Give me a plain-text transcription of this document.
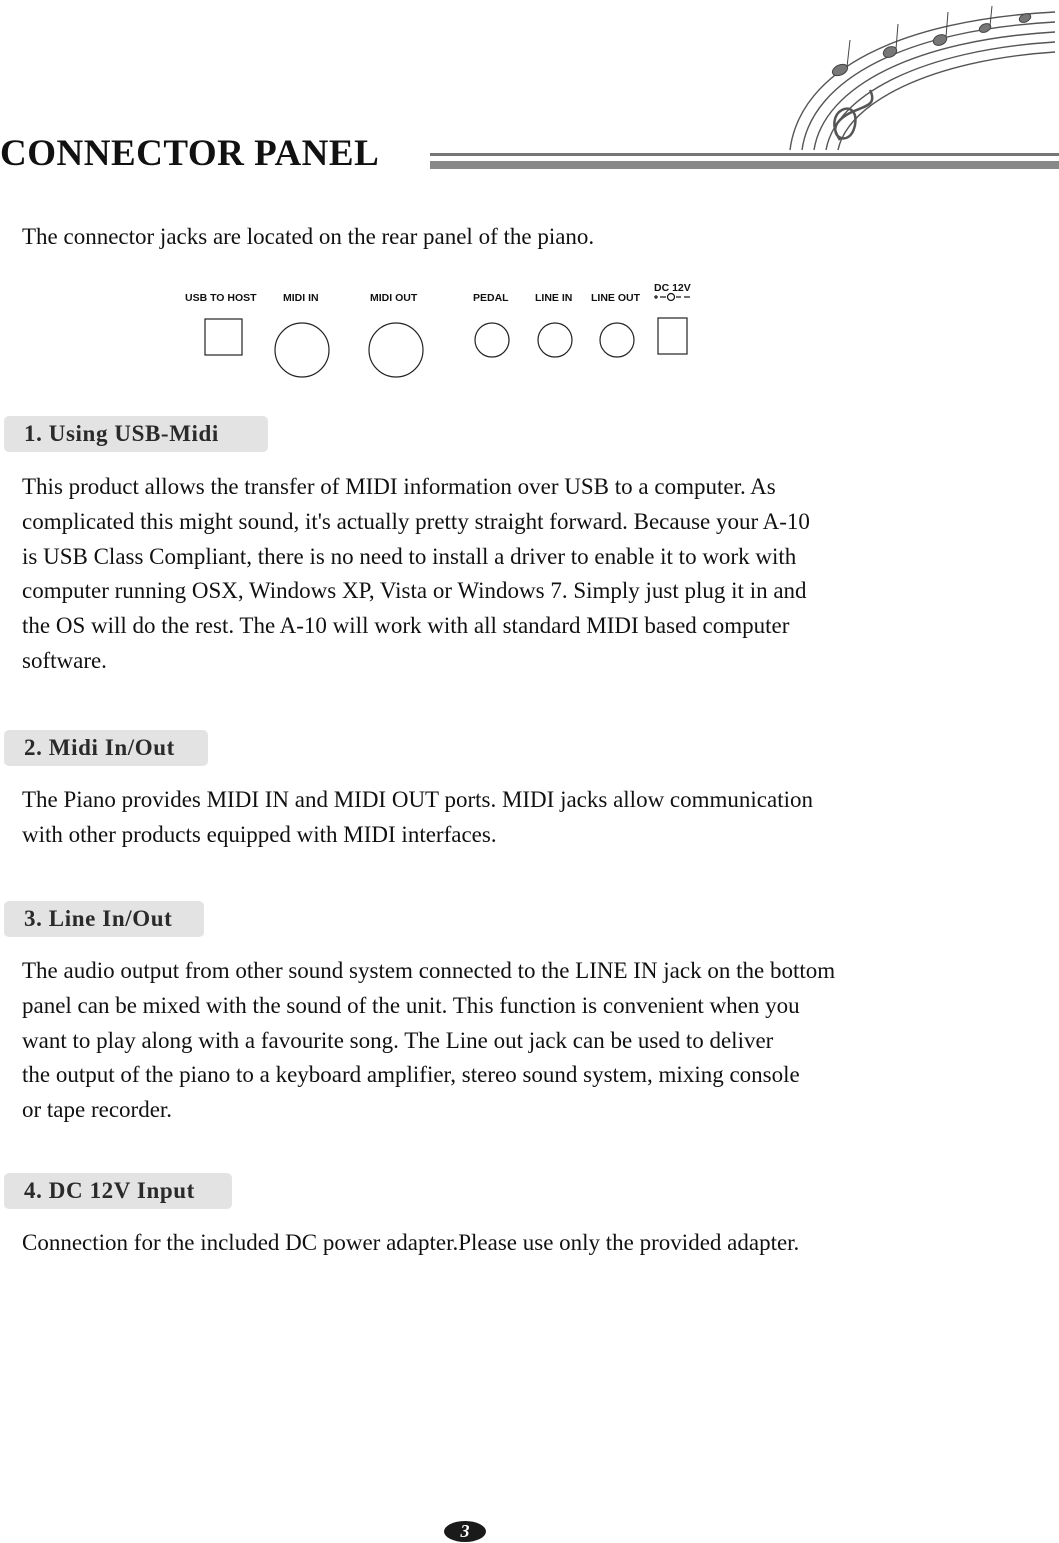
CONNECTOR PANEL
The connector jacks are located on the rear panel of the piano.
USB TO HOST	MIDI IN	MIDI OUT	PEDAL	LINE IN LINE OUT
DC 12V
1. Using USB-Midi
This product allows the transfer of MIDI information over USB to a computer. As
complicated this might sound, it's actually pretty straight forward. Because your A-10
is USB Class Compliant, there is no need to install a driver to enable it to work with
computer running OSX, Windows XP, Vista or Windows 7. Simply just plug it in and
the OS will do the rest. The A-10 will work with all standard MIDI based computer
software.
2. Midi In/Out
The Piano provides MIDI IN and MIDI OUT ports. MIDI jacks allow communication
with other products equipped with MIDI interfaces.
3. Line In/Out
The audio output from other sound system connected to the LINE IN jack on the bottom
panel can be mixed with the sound of the unit. This function is convenient when you
want to play along with a favourite song. The Line out jack can be used to deliver
the output of the piano to a keyboard amplifier, stereo sound system, mixing console
or tape recorder.
4. DC 12V Input
Connection for the included DC power adapter.Please use only the provided adapter.
3
